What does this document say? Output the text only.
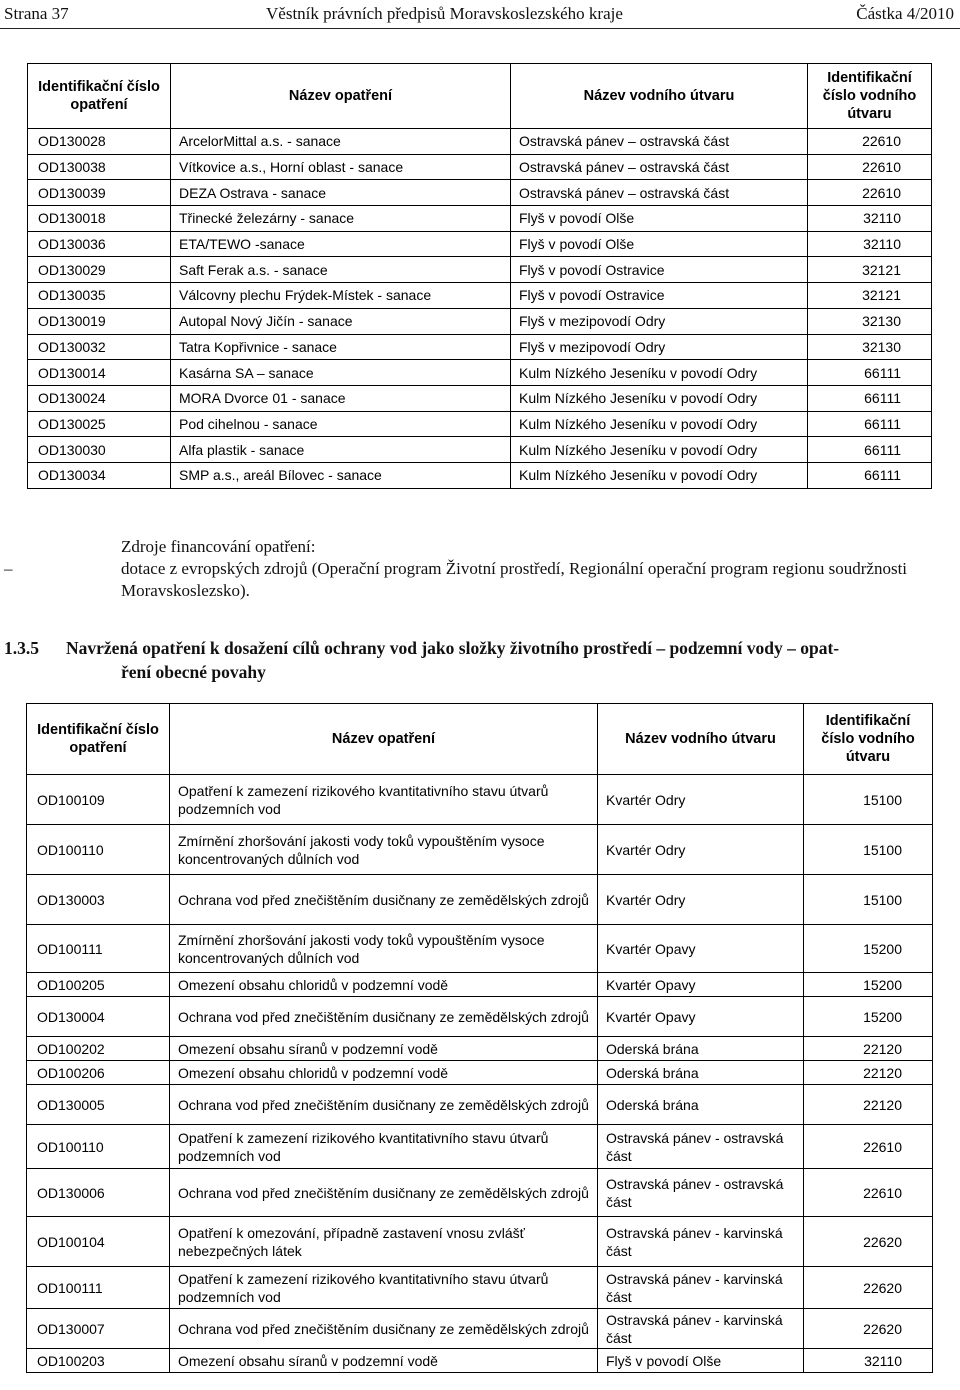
Strana 37	Věstník právních předpisů Moravskoslezského kraje	Částka 4/2010
Identifikační číslo opatření	Název opatření	Název vodního útvaru	Identifikační číslo vodního útvaru
OD130028	ArcelorMittal a.s. - sanace	Ostravská pánev – ostravská část	22610
OD130038	Vítkovice a.s., Horní oblast - sanace	Ostravská pánev – ostravská část	22610
OD130039	DEZA Ostrava - sanace	Ostravská pánev – ostravská část	22610
OD130018	Třinecké železárny - sanace	Flyš v povodí Olše	32110
OD130036	ETA/TEWO -sanace	Flyš v povodí Olše	32110
OD130029	Saft Ferak a.s. - sanace	Flyš v povodí Ostravice	32121
OD130035	Válcovny plechu Frýdek-Místek - sanace	Flyš v povodí Ostravice	32121
OD130019	Autopal Nový Jičín - sanace	Flyš v mezipovodí Odry	32130
OD130032	Tatra Kopřivnice - sanace	Flyš v mezipovodí Odry	32130
OD130014	Kasárna SA – sanace	Kulm Nízkého Jeseníku v povodí Odry	66111
OD130024	MORA Dvorce 01 - sanace	Kulm Nízkého Jeseníku v povodí Odry	66111
OD130025	Pod cihelnou - sanace	Kulm Nízkého Jeseníku v povodí Odry	66111
OD130030	Alfa plastik - sanace	Kulm Nízkého Jeseníku v povodí Odry	66111
OD130034	SMP a.s., areál Bílovec - sanace	Kulm Nízkého Jeseníku v povodí Odry	66111
Zdroje financování opatření:
–	dotace z evropských zdrojů (Operační program Životní prostředí, Regionální operační program regionu soudržnosti Moravskoslezsko).
1.3.5 Navržená opatření k dosažení cílů ochrany vod jako složky životního prostředí – podzemní vody – opat-
ření obecné povahy
Identifikační číslo opatření	Název opatření	Název vodního útvaru	Identifikační číslo vodního útvaru
OD100109	Opatření k zamezení rizikového kvantitativního stavu útvarů podzemních vod	Kvartér Odry	15100
OD100110	Zmírnění zhoršování jakosti vody toků vypouštěním vysoce koncentrovaných důlních vod	Kvartér Odry	15100
OD130003	Ochrana vod před znečištěním dusičnany ze zemědělských zdrojů	Kvartér Odry	15100
OD100111	Zmírnění zhoršování jakosti vody toků vypouštěním vysoce koncentrovaných důlních vod	Kvartér Opavy	15200
OD100205	Omezení obsahu chloridů v podzemní vodě	Kvartér Opavy	15200
OD130004	Ochrana vod před znečištěním dusičnany ze zemědělských zdrojů	Kvartér Opavy	15200
OD100202	Omezení obsahu síranů v podzemní vodě	Oderská brána	22120
OD100206	Omezení obsahu chloridů v podzemní vodě	Oderská brána	22120
OD130005	Ochrana vod před znečištěním dusičnany ze zemědělských zdrojů	Oderská brána	22120
OD100110	Opatření k zamezení rizikového kvantitativního stavu útvarů podzemních vod	Ostravská pánev - ostravská část	22610
OD130006	Ochrana vod před znečištěním dusičnany ze zemědělských zdrojů	Ostravská pánev - ostravská část	22610
OD100104	Opatření k omezování, případně zastavení vnosu zvlášť nebezpečných látek	Ostravská pánev - karvinská část	22620
OD100111	Opatření k zamezení rizikového kvantitativního stavu útvarů podzemních vod	Ostravská pánev - karvinská část	22620
OD130007	Ochrana vod před znečištěním dusičnany ze zemědělských zdrojů	Ostravská pánev - karvinská část	22620
OD100203	Omezení obsahu síranů v podzemní vodě	Flyš v povodí Olše	32110
